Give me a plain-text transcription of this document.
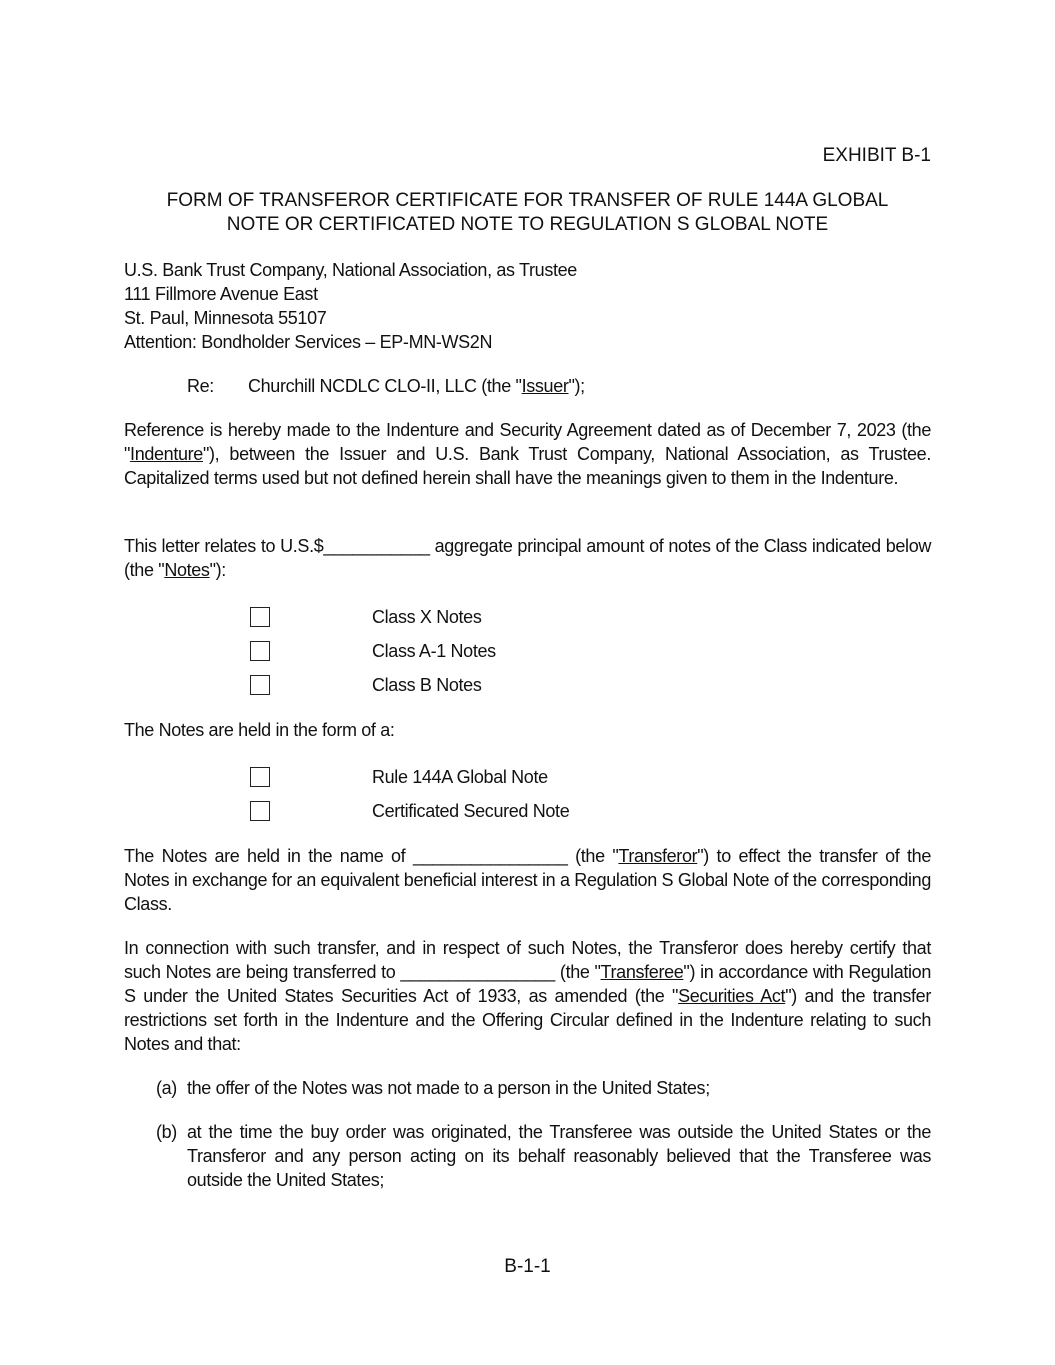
EXHIBIT B-1
FORM OF TRANSFEROR CERTIFICATE FOR TRANSFER OF RULE 144A GLOBAL
NOTE OR CERTIFICATED NOTE TO REGULATION S GLOBAL NOTE
U.S. Bank Trust Company, National Association, as Trustee
111 Fillmore Avenue East
St. Paul, Minnesota 55107
Attention: Bondholder Services – EP-MN-WS2N
Re: Churchill NCDLC CLO-II, LLC (the "Issuer");
Reference is hereby made to the Indenture and Security Agreement dated as of December 7, 2023 (the "Indenture"), between the Issuer and U.S. Bank Trust Company, National Association, as Trustee. Capitalized terms used but not defined herein shall have the meanings given to them in the Indenture.
This letter relates to U.S.$___________ aggregate principal amount of notes of the Class indicated below (the "Notes"):
Class X Notes
Class A-1 Notes
Class B Notes
The Notes are held in the form of a:
Rule 144A Global Note
Certificated Secured Note
The Notes are held in the name of ________________ (the "Transferor") to effect the transfer of the Notes in exchange for an equivalent beneficial interest in a Regulation S Global Note of the corresponding Class.
In connection with such transfer, and in respect of such Notes, the Transferor does hereby certify that such Notes are being transferred to ________________ (the "Transferee") in accordance with Regulation S under the United States Securities Act of 1933, as amended (the "Securities Act") and the transfer restrictions set forth in the Indenture and the Offering Circular defined in the Indenture relating to such Notes and that:
(a) the offer of the Notes was not made to a person in the United States;
(b) at the time the buy order was originated, the Transferee was outside the United States or the Transferor and any person acting on its behalf reasonably believed that the Transferee was outside the United States;
B-1-1
